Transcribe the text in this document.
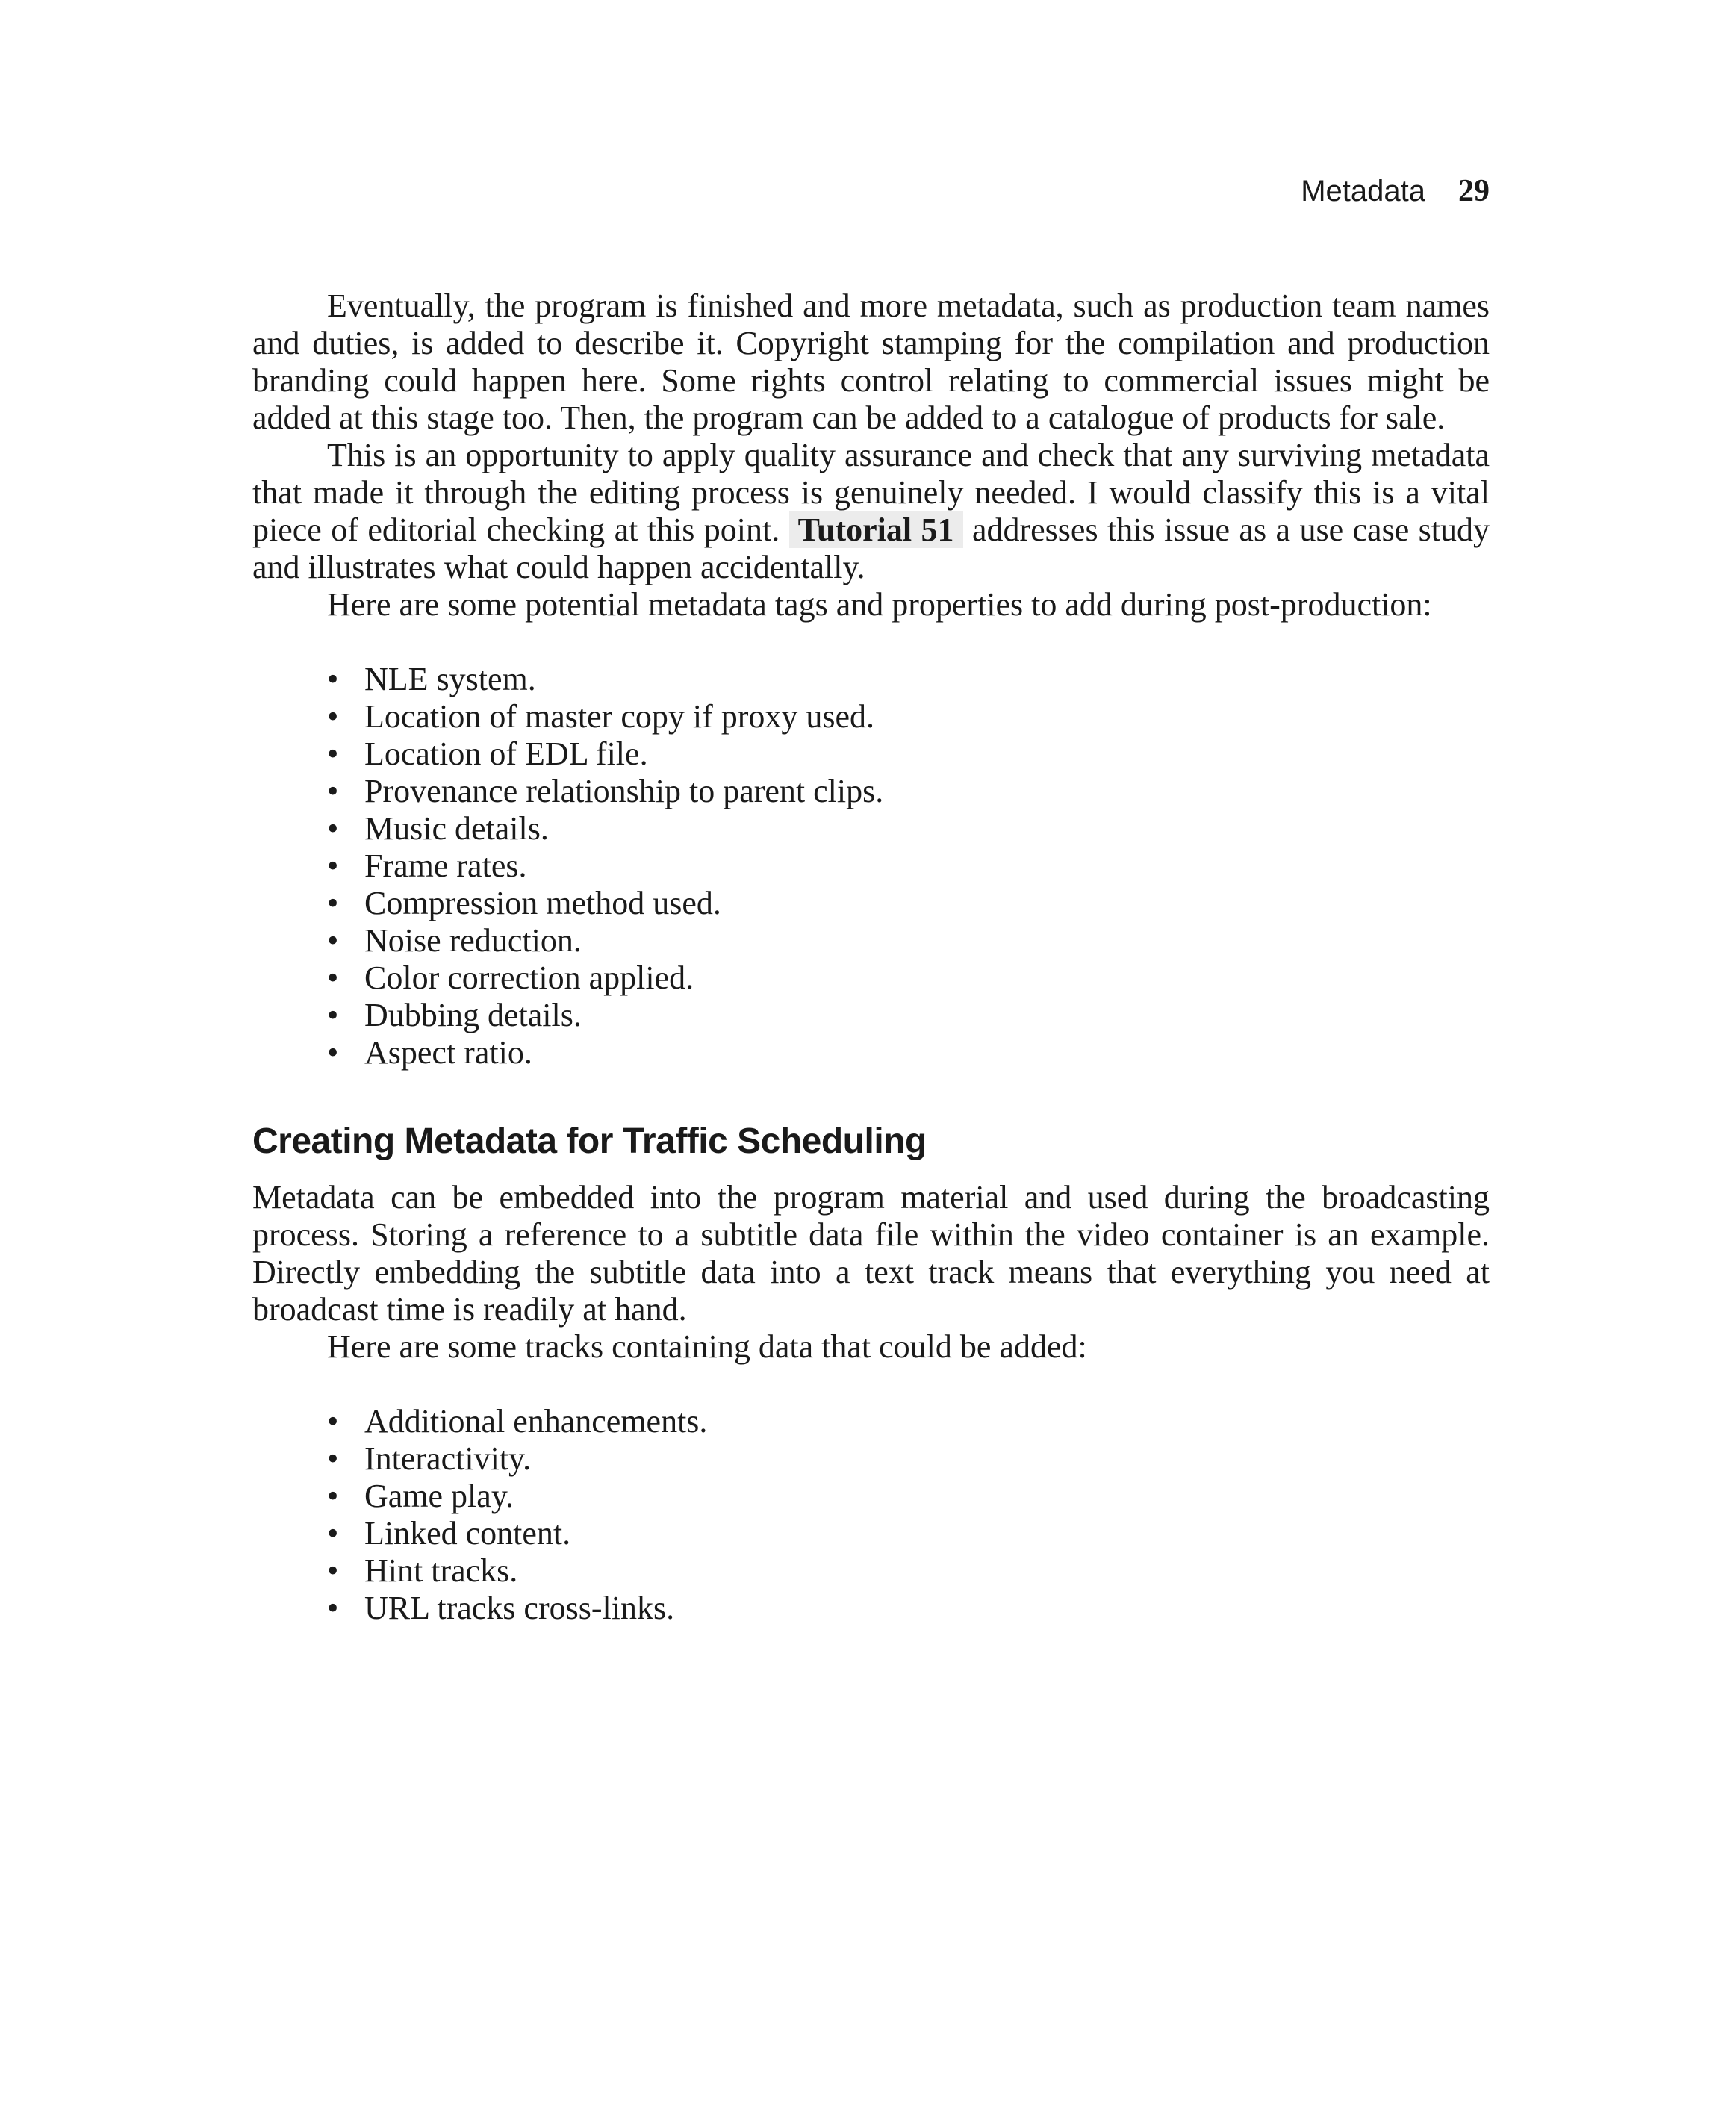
Metadata 29

Eventually, the program is finished and more metadata, such as production team names and duties, is added to describe it. Copyright stamping for the compilation and production branding could happen here. Some rights control relating to commercial issues might be added at this stage too. Then, the program can be added to a catalogue of products for sale.

This is an opportunity to apply quality assurance and check that any surviving metadata that made it through the editing process is genuinely needed. I would classify this is a vital piece of editorial checking at this point. Tutorial 51 addresses this issue as a use case study and illustrates what could happen accidentally.

Here are some potential metadata tags and properties to add during post-production:

• NLE system.
• Location of master copy if proxy used.
• Location of EDL file.
• Provenance relationship to parent clips.
• Music details.
• Frame rates.
• Compression method used.
• Noise reduction.
• Color correction applied.
• Dubbing details.
• Aspect ratio.
Creating Metadata for Traffic Scheduling

Metadata can be embedded into the program material and used during the broadcasting process. Storing a reference to a subtitle data file within the video container is an example. Directly embedding the subtitle data into a text track means that everything you need at broadcast time is readily at hand.

Here are some tracks containing data that could be added:

• Additional enhancements.
• Interactivity.
• Game play.
• Linked content.
• Hint tracks.
• URL tracks cross-links.
